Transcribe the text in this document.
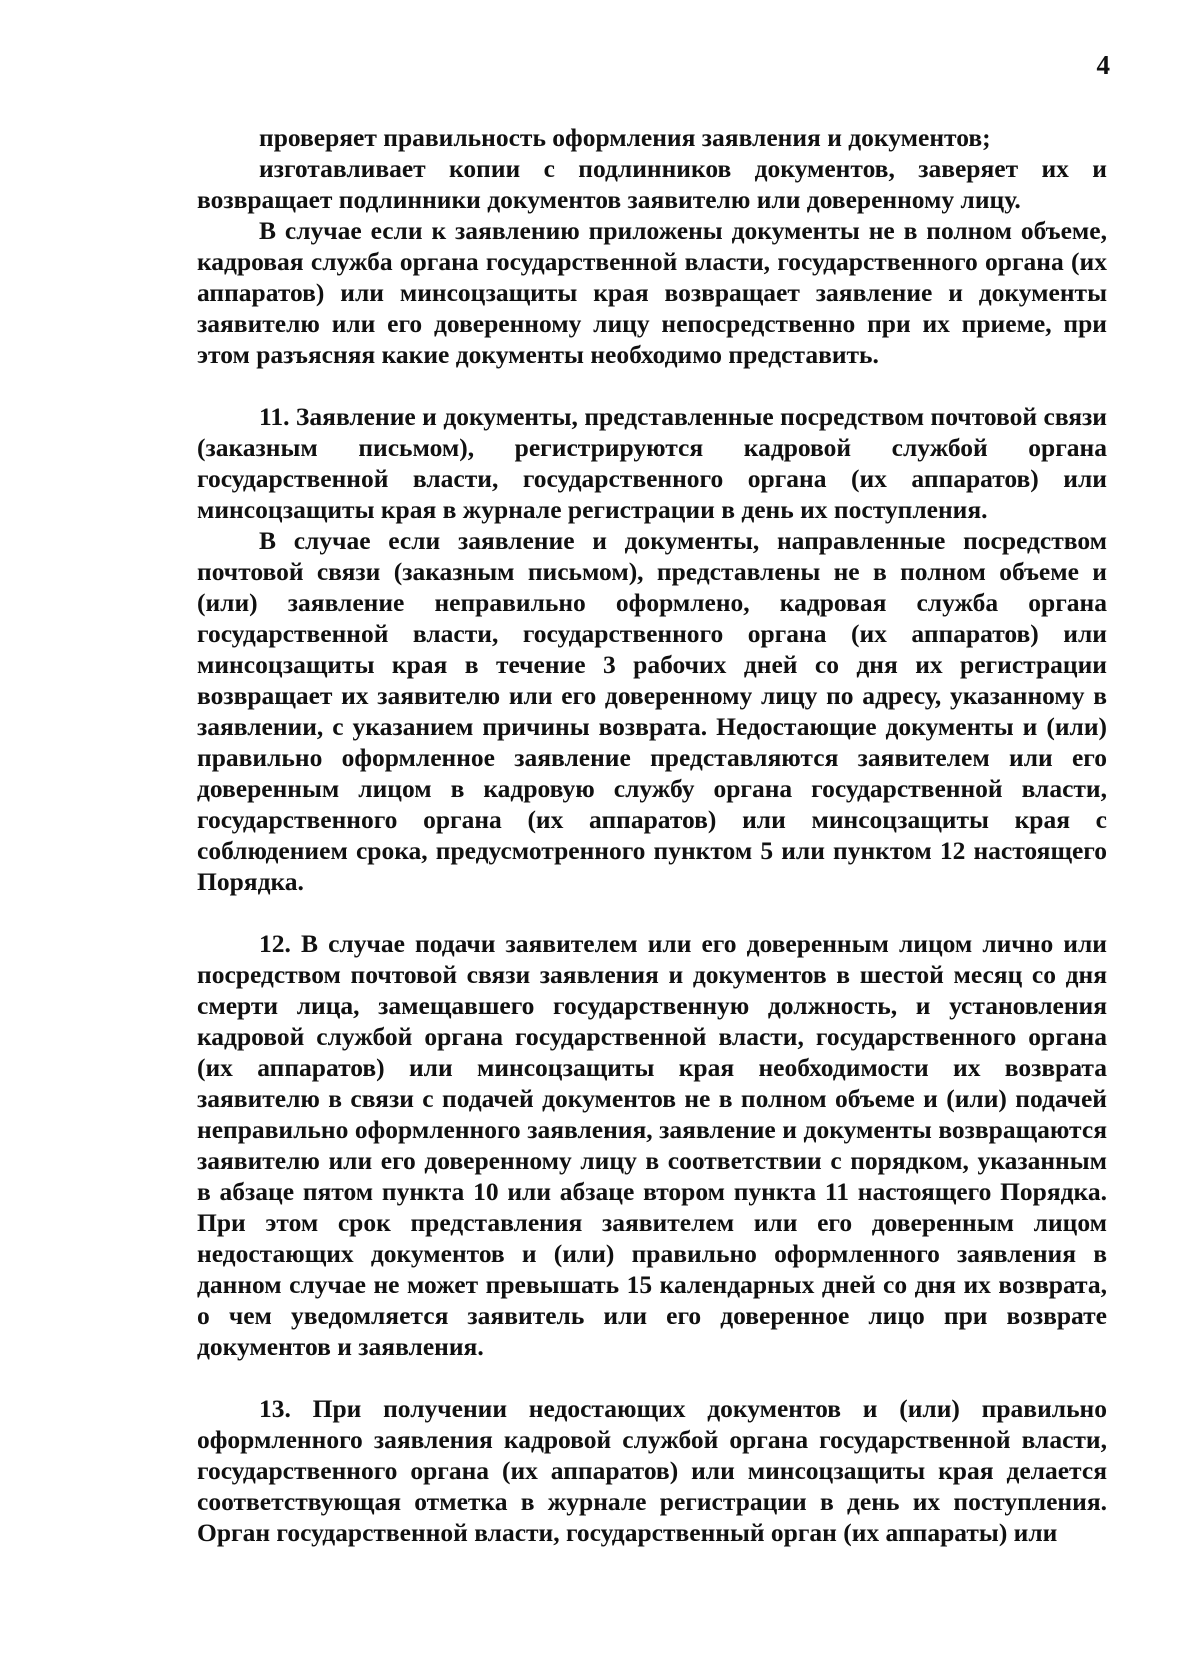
4

проверяет правильность оформления заявления и документов;

изготавливает копии с подлинников документов, заверяет их и возвращает подлинники документов заявителю или доверенному лицу.

В случае если к заявлению приложены документы не в полном объеме, кадровая служба органа государственной власти, государственного органа (их аппаратов) или минсоцзащиты края возвращает заявление и документы заявителю или его доверенному лицу непосредственно при их приеме, при этом разъясняя какие документы необходимо представить.

11. Заявление и документы, представленные посредством почтовой связи (заказным письмом), регистрируются кадровой службой органа государственной власти, государственного органа (их аппаратов) или минсоцзащиты края в журнале регистрации в день их поступления.

В случае если заявление и документы, направленные посредством почтовой связи (заказным письмом), представлены не в полном объеме и (или) заявление неправильно оформлено, кадровая служба органа государственной власти, государственного органа (их аппаратов) или минсоцзащиты края в течение 3 рабочих дней со дня их регистрации возвращает их заявителю или его доверенному лицу по адресу, указанному в заявлении, с указанием причины возврата. Недостающие документы и (или) правильно оформленное заявление представляются заявителем или его доверенным лицом в кадровую службу органа государственной власти, государственного органа (их аппаратов) или минсоцзащиты края с соблюдением срока, предусмотренного пунктом 5 или пунктом 12 настоящего Порядка.

12. В случае подачи заявителем или его доверенным лицом лично или посредством почтовой связи заявления и документов в шестой месяц со дня смерти лица, замещавшего государственную должность, и установления кадровой службой органа государственной власти, государственного органа (их аппаратов) или минсоцзащиты края необходимости их возврата заявителю в связи с подачей документов не в полном объеме и (или) подачей неправильно оформленного заявления, заявление и документы возвращаются заявителю или его доверенному лицу в соответствии с порядком, указанным в абзаце пятом пункта 10 или абзаце втором пункта 11 настоящего Порядка. При этом срок представления заявителем или его доверенным лицом недостающих документов и (или) правильно оформленного заявления в данном случае не может превышать 15 календарных дней со дня их возврата, о чем уведомляется заявитель или его доверенное лицо при возврате документов и заявления.

13. При получении недостающих документов и (или) правильно оформленного заявления кадровой службой органа государственной власти, государственного органа (их аппаратов) или минсоцзащиты края делается соответствующая отметка в журнале регистрации в день их поступления. Орган государственной власти, государственный орган (их аппараты) или
